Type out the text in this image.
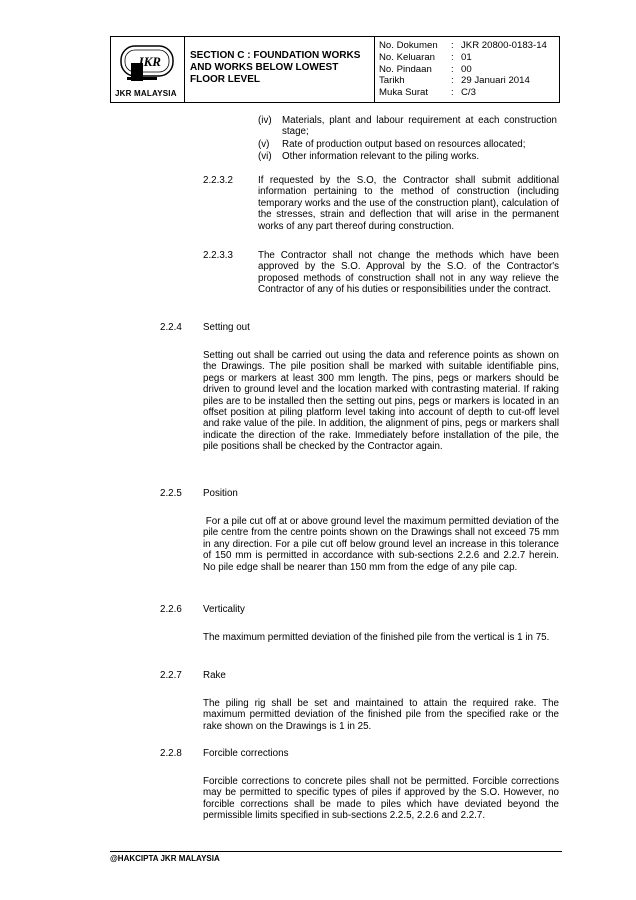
JKR
JKR MALAYSIA
SECTION C : FOUNDATION WORKS AND WORKS BELOW LOWEST FLOOR LEVEL
No. Dokumen	: JKR 20800-0183-14
No. Keluaran	: 01
No. Pindaan	: 00
Tarikh	: 29 Januari 2014
Muka Surat	: C/3
(iv) Materials, plant and labour requirement at each construction stage;
(v) Rate of production output based on resources allocated;
(vi) Other information relevant to the piling works.
2.2.3.2	If requested by the S.O, the Contractor shall submit additional information pertaining to the method of construction (including temporary works and the use of the construction plant), calculation of the stresses, strain and deflection that will arise in the permanent works of any part thereof during construction.
2.2.3.3	The Contractor shall not change the methods which have been approved by the S.O. Approval by the S.O. of the Contractor's proposed methods of construction shall not in any way relieve the Contractor of any of his duties or responsibilities under the contract.
2.2.4 Setting out
Setting out shall be carried out using the data and reference points as shown on the Drawings. The pile position shall be marked with suitable identifiable pins, pegs or markers at least 300 mm length. The pins, pegs or markers should be driven to ground level and the location marked with contrasting material. If raking piles are to be installed then the setting out pins, pegs or markers is located in an offset position at piling platform level taking into account of depth to cut-off level and rake value of the pile. In addition, the alignment of pins, pegs or markers shall indicate the direction of the rake. Immediately before installation of the pile, the pile positions shall be checked by the Contractor again.
2.2.5 Position
For a pile cut off at or above ground level the maximum permitted deviation of the pile centre from the centre points shown on the Drawings shall not exceed 75 mm in any direction. For a pile cut off below ground level an increase in this tolerance of 150 mm is permitted in accordance with sub-sections 2.2.6 and 2.2.7 herein. No pile edge shall be nearer than 150 mm from the edge of any pile cap.
2.2.6 Verticality
The maximum permitted deviation of the finished pile from the vertical is 1 in 75.
2.2.7 Rake
The piling rig shall be set and maintained to attain the required rake. The maximum permitted deviation of the finished pile from the specified rake or the rake shown on the Drawings is 1 in 25.
2.2.8 Forcible corrections
Forcible corrections to concrete piles shall not be permitted. Forcible corrections may be permitted to specific types of piles if approved by the S.O. However, no forcible corrections shall be made to piles which have deviated beyond the permissible limits specified in sub-sections 2.2.5, 2.2.6 and 2.2.7.
@HAKCIPTA JKR MALAYSIA
